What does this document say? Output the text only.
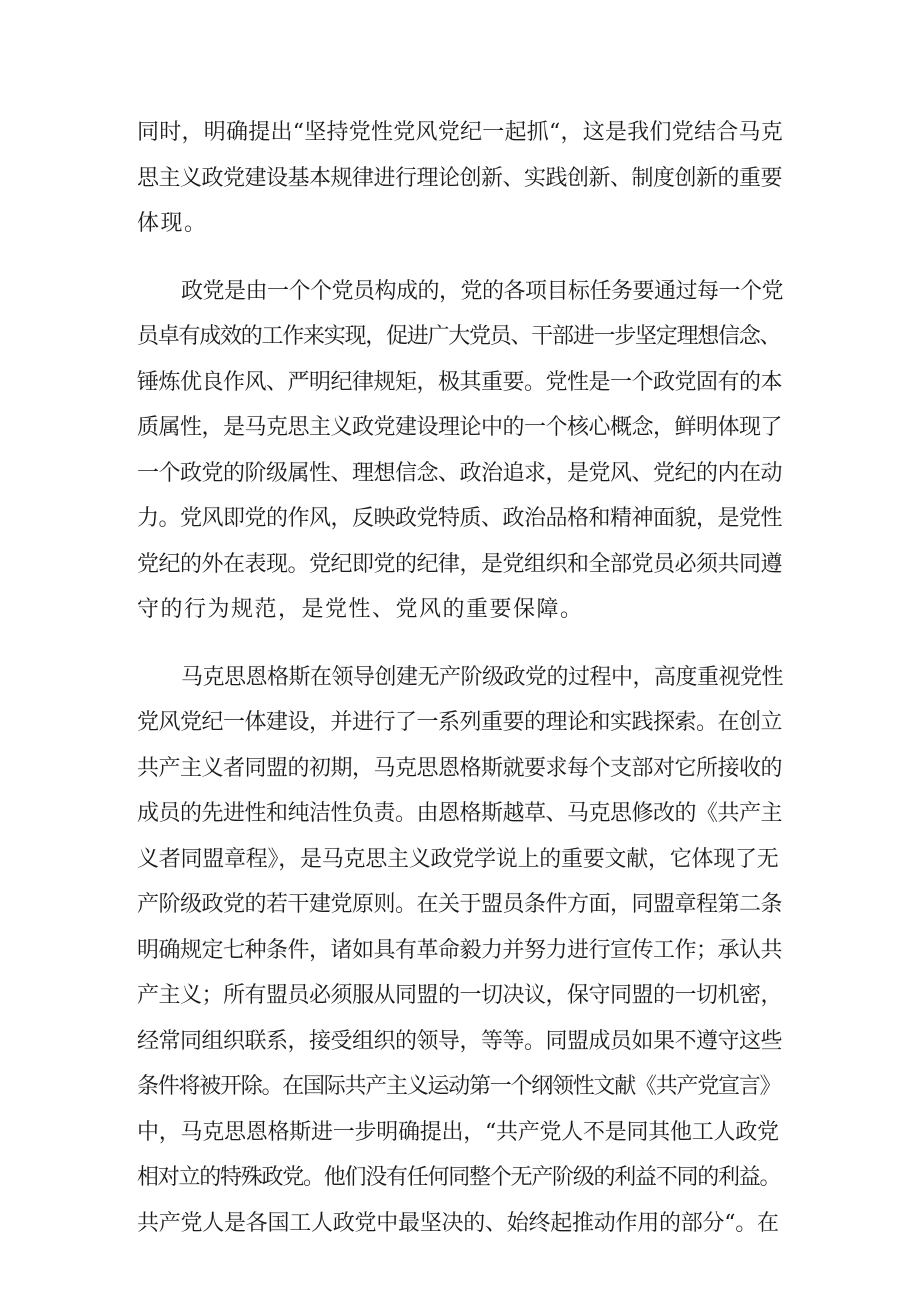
同时，明确提出“坚持党性党风党纪一起抓“，这是我们党结合马克
思主义政党建设基本规律进行理论创新、实践创新、制度创新的重要
体现。
政党是由一个个党员构成的，党的各项目标任务要通过每一个党
员卓有成效的工作来实现，促进广大党员、干部进一步坚定理想信念、
锤炼优良作风、严明纪律规矩，极其重要。党性是一个政党固有的本
质属性，是马克思主义政党建设理论中的一个核心概念，鲜明体现了
一个政党的阶级属性、理想信念、政治追求，是党风、党纪的内在动
力。党风即党的作风，反映政党特质、政治品格和精神面貌，是党性
党纪的外在表现。党纪即党的纪律，是党组织和全部党员必须共同遵
守的行为规范，是党性、党风的重要保障。
马克思恩格斯在领导创建无产阶级政党的过程中，高度重视党性
党风党纪一体建设，并进行了一系列重要的理论和实践探索。在创立
共产主义者同盟的初期，马克思恩格斯就要求每个支部对它所接收的
成员的先进性和纯洁性负责。由恩格斯越草、马克思修改的《共产主
义者同盟章程》，是马克思主义政党学说上的重要文献，它体现了无
产阶级政党的若干建党原则。在关于盟员条件方面，同盟章程第二条
明确规定七种条件，诸如具有革命毅力并努力进行宣传工作；承认共
产主义；所有盟员必须服从同盟的一切决议，保守同盟的一切机密，
经常同组织联系，接受组织的领导，等等。同盟成员如果不遵守这些
条件将被开除。在国际共产主义运动第一个纲领性文献《共产党宣言》
中，马克思恩格斯进一步明确提出，“共产党人不是同其他工人政党
相对立的特殊政党。他们没有任何同整个无产阶级的利益不同的利益。
共产党人是各国工人政党中最坚决的、始终起推动作用的部分“。在
